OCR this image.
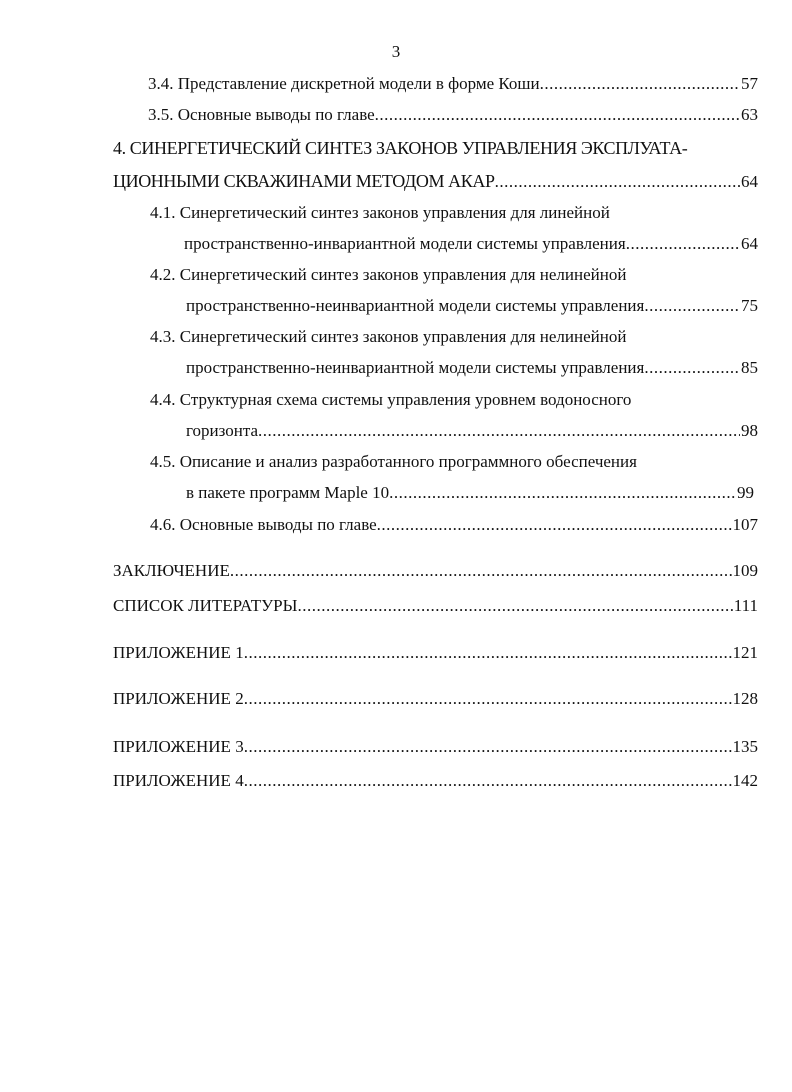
3
3.4. Представление дискретной модели в форме Коши .....	57
3.5. Основные выводы по главе .....	63
4. СИНЕРГЕТИЧЕСКИЙ СИНТЕЗ ЗАКОНОВ УПРАВЛЕНИЯ ЭКСПЛУАТА-
ЦИОННЫМИ СКВАЖИНАМИ МЕТОДОМ АКАР .....	64
4.1. Синергетический синтез законов управления для линейной
пространственно-инвариантной модели системы управления .....	64
4.2. Синергетический синтез законов управления для нелинейной
пространственно-неинвариантной модели системы управления .....	75
4.3. Синергетический синтез законов управления для нелинейной
пространственно-неинвариантной модели системы управления .....	85
4.4. Структурная схема системы управления уровнем водоносного
горизонта .....	98
4.5. Описание и анализ разработанного программного обеспечения
в пакете программ Maple 10 .....	99
4.6. Основные выводы по главе .....	107
ЗАКЛЮЧЕНИЕ .....	109
СПИСОК ЛИТЕРАТУРЫ .....	111
ПРИЛОЖЕНИЕ 1 .....	121
ПРИЛОЖЕНИЕ 2 .....	128
ПРИЛОЖЕНИЕ 3 .....	135
ПРИЛОЖЕНИЕ 4 .....	142
